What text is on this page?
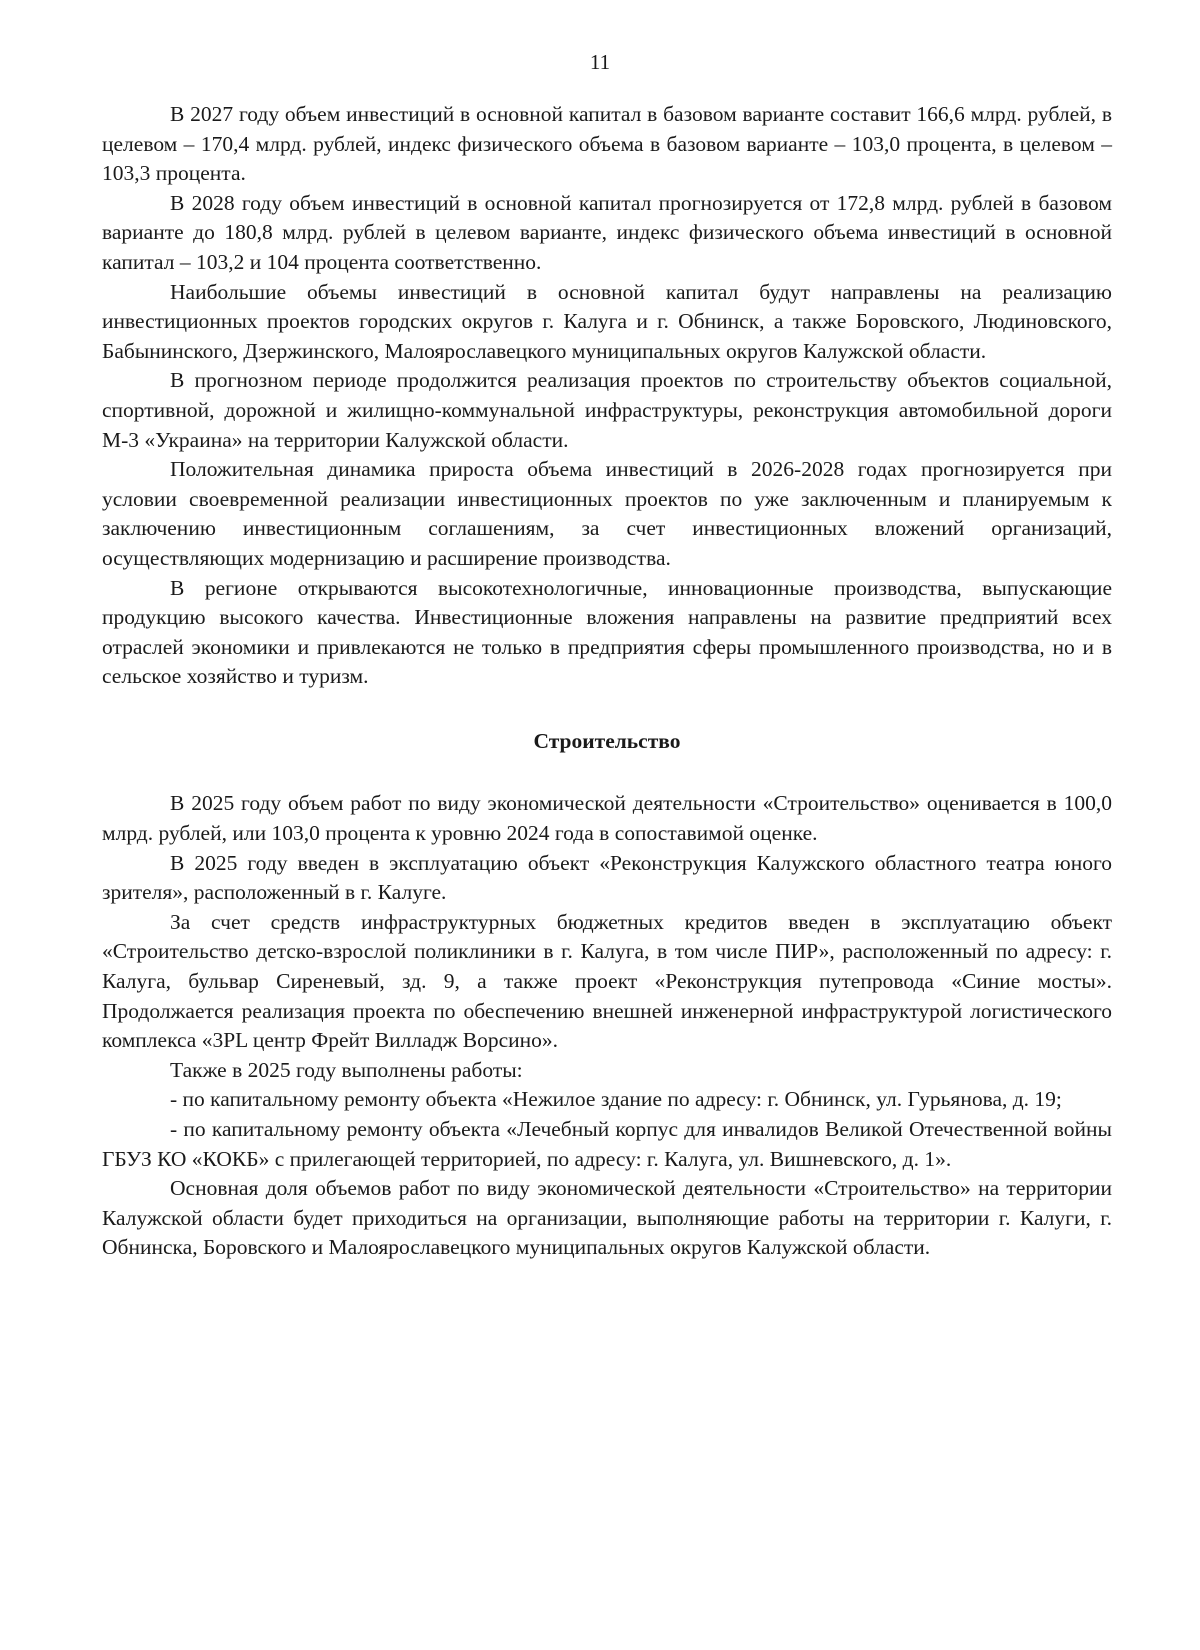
11

В 2027 году объем инвестиций в основной капитал в базовом варианте составит 166,6 млрд. рублей, в целевом – 170,4 млрд. рублей, индекс физического объема в базовом варианте – 103,0 процента, в целевом – 103,3 процента.

В 2028 году объем инвестиций в основной капитал прогнозируется от 172,8 млрд. рублей в базовом варианте до 180,8 млрд. рублей в целевом варианте, индекс физического объема инвестиций в основной капитал – 103,2 и 104 процента соответственно.

Наибольшие объемы инвестиций в основной капитал будут направлены на реализацию инвестиционных проектов городских округов г. Калуга и г. Обнинск, а также Боровского, Людиновского, Бабынинского, Дзержинского, Малоярославецкого муниципальных округов Калужской области.

В прогнозном периоде продолжится реализация проектов по строительству объектов социальной, спортивной, дорожной и жилищно-коммунальной инфраструктуры, реконструкция автомобильной дороги М-3 «Украина» на территории Калужской области.

Положительная динамика прироста объема инвестиций в 2026-2028 годах прогнозируется при условии своевременной реализации инвестиционных проектов по уже заключенным и планируемым к заключению инвестиционным соглашениям, за счет инвестиционных вложений организаций, осуществляющих модернизацию и расширение производства.

В регионе открываются высокотехнологичные, инновационные производства, выпускающие продукцию высокого качества. Инвестиционные вложения направлены на развитие предприятий всех отраслей экономики и привлекаются не только в предприятия сферы промышленного производства, но и в сельское хозяйство и туризм.

Строительство

В 2025 году объем работ по виду экономической деятельности «Строительство» оценивается в 100,0 млрд. рублей, или 103,0 процента к уровню 2024 года в сопоставимой оценке.

В 2025 году введен в эксплуатацию объект «Реконструкция Калужского областного театра юного зрителя», расположенный в г. Калуге.

За счет средств инфраструктурных бюджетных кредитов введен в эксплуатацию объект «Строительство детско-взрослой поликлиники в г. Калуга, в том числе ПИР», расположенный по адресу: г. Калуга, бульвар Сиреневый, зд. 9, а также проект «Реконструкция путепровода «Синие мосты». Продолжается реализация проекта по обеспечению внешней инженерной инфраструктурой логистического комплекса «3PL центр Фрейт Вилладж Ворсино».

Также в 2025 году выполнены работы:

- по капитальному ремонту объекта «Нежилое здание по адресу: г. Обнинск, ул. Гурьянова, д. 19;

- по капитальному ремонту объекта «Лечебный корпус для инвалидов Великой Отечественной войны ГБУЗ КО «КОКБ» с прилегающей территорией, по адресу: г. Калуга, ул. Вишневского, д. 1».

Основная доля объемов работ по виду экономической деятельности «Строительство» на территории Калужской области будет приходиться на организации, выполняющие работы на территории г. Калуги, г. Обнинска, Боровского и Малоярославецкого муниципальных округов Калужской области.
